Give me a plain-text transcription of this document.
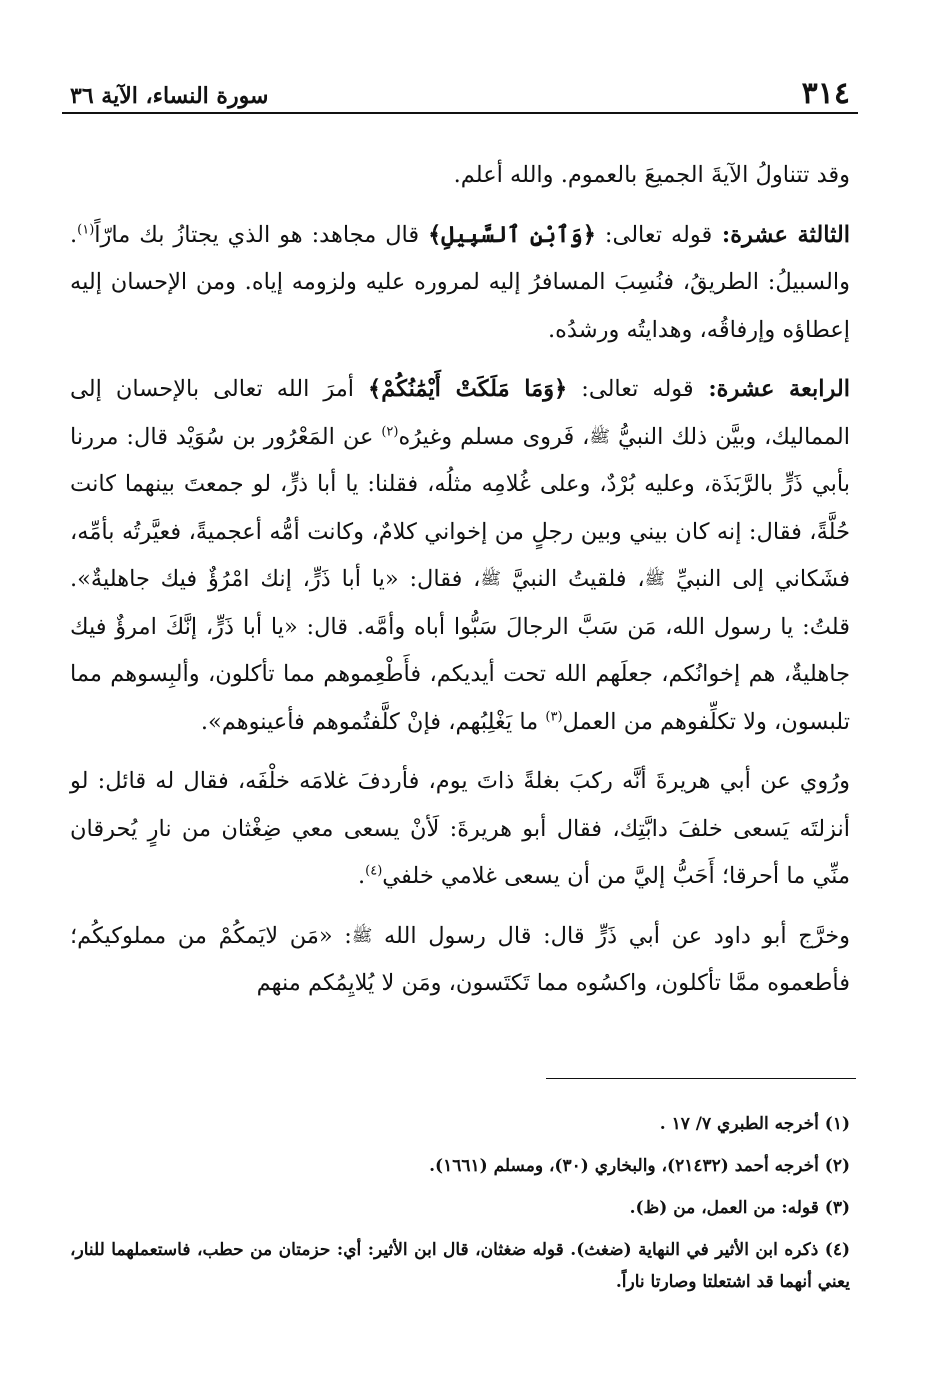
٣١٤
سورة النساء، الآية ٣٦

وقد تتناولُ الآيةَ الجميعَ بالعموم. والله أعلم.

الثالثة عشرة: قوله تعالى: ﴿وَٱبْنِ ٱلسَّبِيلِ﴾ قال مجاهد: هو الذي يجتازُ بك مارّاً$^{(١)}$. والسبيلُ: الطريقُ، فنُسِبَ المسافرُ إليه لمروره عليه ولزومه إياه. ومن الإحسان إليه إعطاؤه وإرفاقُه، وهدايتُه ورشدُه.

الرابعة عشرة: قوله تعالى: ﴿وَمَا مَلَكَتْ أَيْمَٰنُكُمْ﴾ أمرَ الله تعالى بالإحسان إلى المماليك، وبيَّن ذلك النبيُّ ﷺ، فَروى مسلم وغيرُه$^{(٢)}$ عن المَعْرُور بن سُوَيْد قال: مررنا بأبي ذَرٍّ بالرَّبَذَة، وعليه بُرْدٌ، وعلى غُلامِه مثلُه، فقلنا: يا أبا ذرٍّ، لو جمعتَ بينهما كانت حُلَّةً، فقال: إنه كان بيني وبين رجلٍ من إخواني كلامٌ، وكانت أمُّه أعجميةً، فعيَّرتُه بأمِّه، فشَكاني إلى النبيِّ ﷺ، فلقيتُ النبيَّ ﷺ، فقال: «يا أبا ذَرٍّ، إنك امْرُؤٌ فيك جاهليةٌ». قلتُ: يا رسول الله، مَن سَبَّ الرجالَ سَبُّوا أباه وأمَّه. قال: «يا أبا ذَرٍّ، إنَّكَ امرؤٌ فيك جاهليةٌ، هم إخوانُكم، جعلَهم الله تحت أيديكم، فأَطْعِموهم مما تأكلون، وألبِسوهم مما تلبسون، ولا تكلِّفوهم من العمل$^{(٣)}$ ما يَغْلِبُهم، فإنْ كلَّفتُموهم فأعينوهم».

ورُوي عن أبي هريرةَ أنَّه ركبَ بغلةً ذاتَ يوم، فأردفَ غلامَه خلْفَه، فقال له قائل: لو أنزلتَه يَسعى خلفَ دابَّتِك، فقال أبو هريرةَ: لَأنْ يسعى معي ضِغْثان من نارٍ يُحرقان منِّي ما أحرقا؛ أَحَبُّ إليَّ من أن يسعى غلامي خلفي$^{(٤)}$.

وخرَّج أبو داود عن أبي ذَرٍّ قال: قال رسول الله ﷺ: «مَن لايَمكُمْ من مملوكيكُم؛ فأطعموه ممَّا تأكلون، واكسُوه مما تَكتَسون، ومَن لا يُلايِمُكم منهم

(١) أخرجه الطبري ٧/ ١٧ .
(٢) أخرجه أحمد (٢١٤٣٢)، والبخاري (٣٠)، ومسلم (١٦٦١).
(٣) قوله: من العمل، من (ظ).
(٤) ذكره ابن الأثير في النهاية (ضغث). قوله ضغثان، قال ابن الأثير: أي: حزمتان من حطب، فاستعملهما للنار، يعني أنهما قد اشتعلتا وصارتا ناراً.
